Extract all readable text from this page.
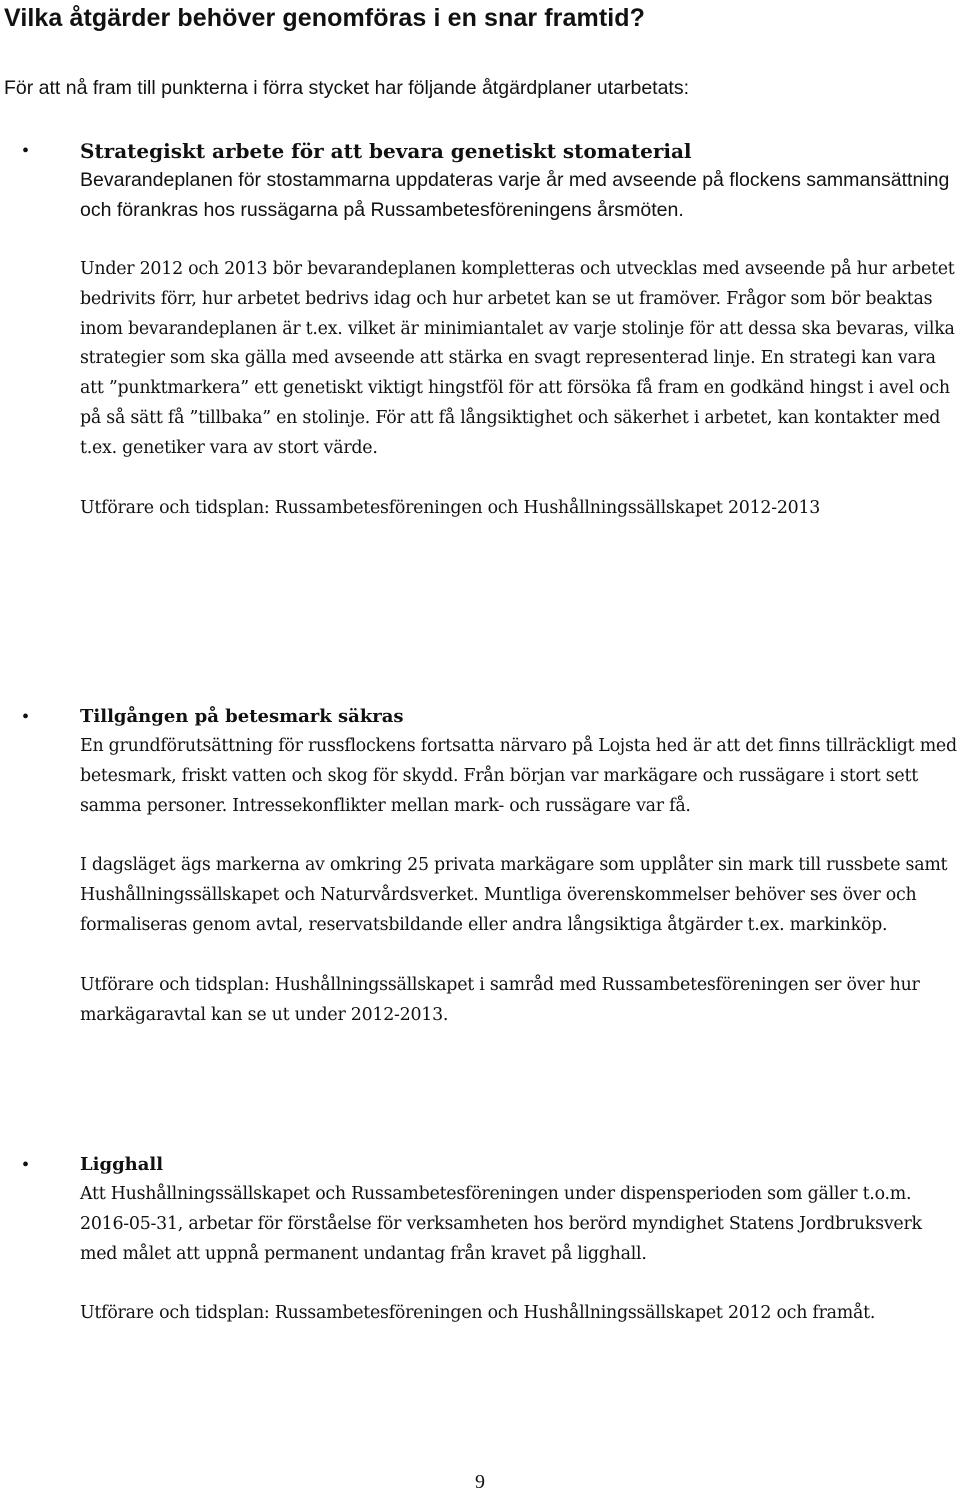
Vilka åtgärder behöver genomföras i en snar framtid?

För att nå fram till punkterna i förra stycket har följande åtgärdplaner utarbetats:

•	Strategiskt arbete för att bevara genetiskt stomaterial

Bevarandeplanen för stostammarna uppdateras varje år med avseende på flockens sammansättning och förankras hos russägarna på Russambetesföreningens årsmöten.

Under 2012 och 2013 bör bevarandeplanen kompletteras och utvecklas med avseende på hur arbetet bedrivits förr, hur arbetet bedrivs idag och hur arbetet kan se ut framöver. Frågor som bör beaktas inom bevarandeplanen är t.ex. vilket är minimiantalet av varje stolinje för att dessa ska bevaras, vilka strategier som ska gälla med avseende att stärka en svagt representerad linje. En strategi kan vara att ”punktmarkera” ett genetiskt viktigt hingstföl för att försöka få fram en godkänd hingst i avel och på så sätt få ”tillbaka” en stolinje. För att få långsiktighet och säkerhet i arbetet, kan kontakter med t.ex. genetiker vara av stort värde.

Utförare och tidsplan: Russambetesföreningen och Hushållningssällskapet 2012-2013

•	Tillgången på betesmark säkras

En grundförutsättning för russflockens fortsatta närvaro på Lojsta hed är att det finns tillräckligt med betesmark, friskt vatten och skog för skydd. Från början var markägare och russägare i stort sett samma personer. Intressekonflikter mellan mark- och russägare var få.

I dagsläget ägs markerna av omkring 25 privata markägare som upplåter sin mark till russbete samt Hushållningssällskapet och Naturvårdsverket. Muntliga överenskommelser behöver ses över och formaliseras genom avtal, reservatsbildande eller andra långsiktiga åtgärder t.ex. markinköp.

Utförare och tidsplan: Hushållningssällskapet i samråd med Russambetesföreningen ser över hur markägaravtal kan se ut under 2012-2013.

•	Ligghall

Att Hushållningssällskapet och Russambetesföreningen under dispensperioden som gäller t.o.m. 2016-05-31, arbetar för förståelse för verksamheten hos berörd myndighet Statens Jordbruksverk med målet att uppnå permanent undantag från kravet på ligghall.

Utförare och tidsplan: Russambetesföreningen och Hushållningssällskapet 2012 och framåt.

9
